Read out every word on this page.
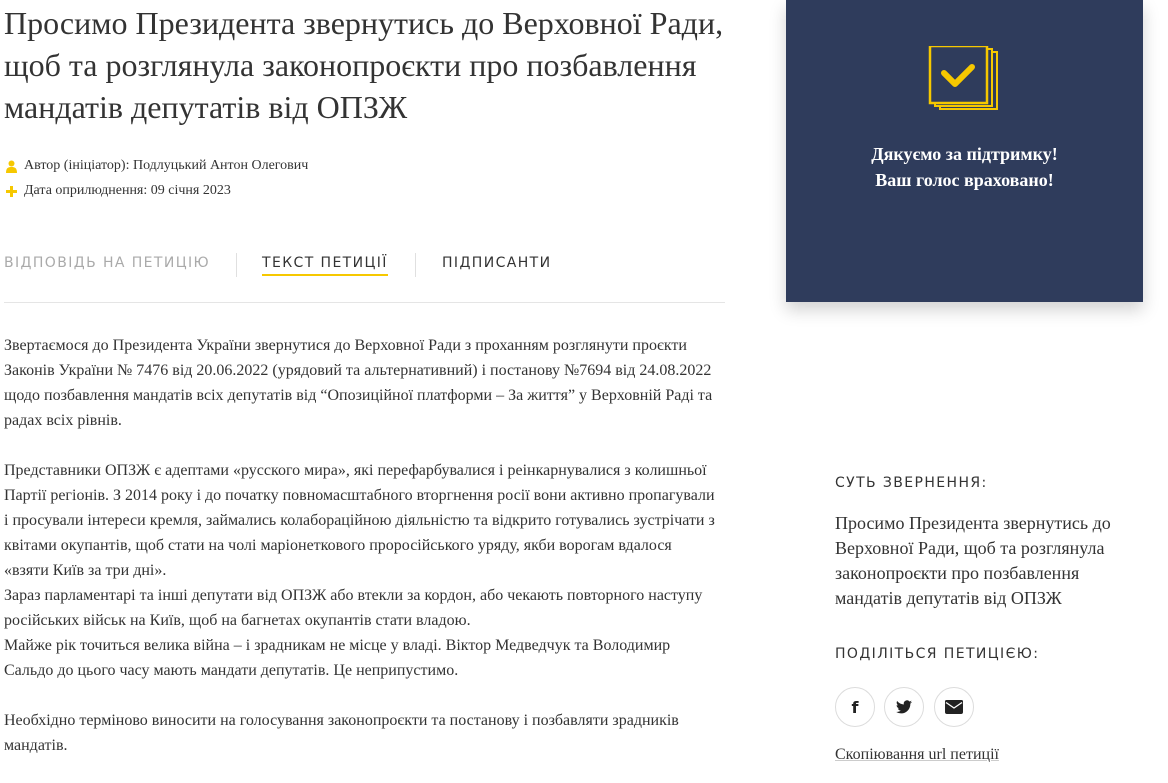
Просимо Президента звернутись до Верховної Ради, щоб та розглянула законопроєкти про позбавлення мандатів депутатів від ОПЗЖ
Автор (ініціатор): Подлуцький Антон Олегович
Дата оприлюднення: 09 січня 2023
ВІДПОВІДЬ НА ПЕТИЦІЮ	ТЕКСТ ПЕТИЦІЇ	ПІДПИСАНТИ

Звертаємося до Президента України звернутися до Верховної Ради з проханням розглянути проєкти Законів України № 7476 від 20.06.2022 (урядовий та альтернативний) і постанову №7694 від 24.08.2022 щодо позбавлення мандатів всіх депутатів від “Опозиційної платформи – За життя” у Верховній Раді та радах всіх рівнів.

Представники ОПЗЖ є адептами «русского мира», які перефарбувалися і реінкарнувалися з колишньої Партії регіонів. З 2014 року і до початку повномасштабного вторгнення росії вони активно пропагували і просували інтереси кремля, займались колабораційною діяльністю та відкрито готувались зустрічати з квітами окупантів, щоб стати на чолі маріонеткового проросійського уряду, якби ворогам вдалося «взяти Київ за три дні».
Зараз парламентарі та інші депутати від ОПЗЖ або втекли за кордон, або чекають повторного наступу російських військ на Київ, щоб на багнетах окупантів стати владою.
Майже рік точиться велика війна – і зрадникам не місце у владі. Віктор Медведчук та Володимир Сальдо до цього часу мають мандати депутатів. Це неприпустимо.

Необхідно терміново виносити на голосування законопроєкти та постанову і позбавляти зрадників мандатів.

Дякуємо за підтримку!
Ваш голос враховано!
СУТЬ ЗВЕРНЕННЯ:
Просимо Президента звернутись до Верховної Ради, щоб та розглянула законопроєкти про позбавлення мандатів депутатів від ОПЗЖ
ПОДІЛІТЬСЯ ПЕТИЦІЄЮ:
f
Скопіювання url петиції
